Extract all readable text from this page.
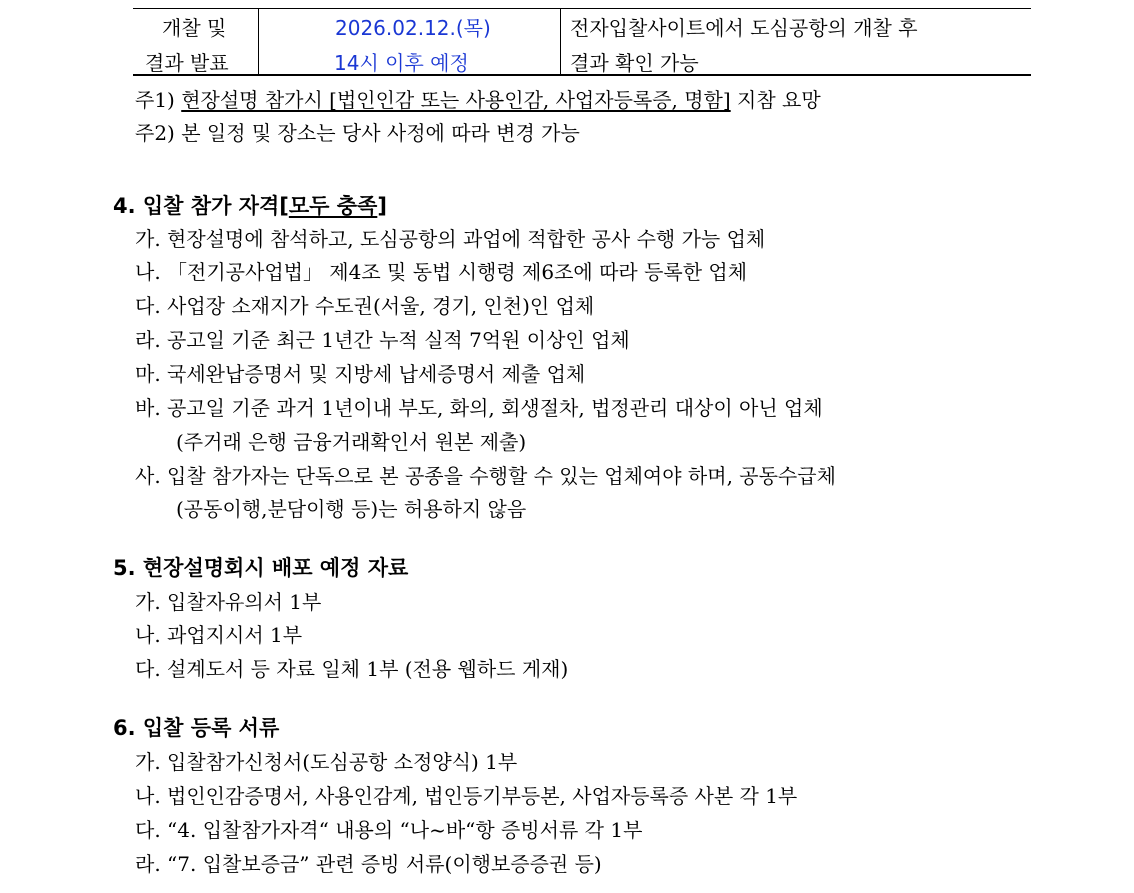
개찰 및
결과 발표
2026.02.12.(목)
14시 이후 예정
전자입찰사이트에서 도심공항의 개찰 후
결과 확인 가능
주1) 현장설명 참가시 [법인인감 또는 사용인감, 사업자등록증, 명함] 지참 요망
주2) 본 일정 및 장소는 당사 사정에 따라 변경 가능
4. 입찰 참가 자격[모두 충족]
가. 현장설명에 참석하고, 도심공항의 과업에 적합한 공사 수행 가능 업체
나. 「전기공사업법」 제4조 및 동법 시행령 제6조에 따라 등록한 업체
다. 사업장 소재지가 수도권(서울, 경기, 인천)인 업체
라. 공고일 기준 최근 1년간 누적 실적 7억원 이상인 업체
마. 국세완납증명서 및 지방세 납세증명서 제출 업체
바. 공고일 기준 과거 1년이내 부도, 화의, 회생절차, 법정관리 대상이 아닌 업체
(주거래 은행 금융거래확인서 원본 제출)
사. 입찰 참가자는 단독으로 본 공종을 수행할 수 있는 업체여야 하며, 공동수급체
(공동이행,분담이행 등)는 허용하지 않음
5. 현장설명회시 배포 예정 자료
가. 입찰자유의서 1부
나. 과업지시서 1부
다. 설계도서 등 자료 일체 1부 (전용 웹하드 게재)
6. 입찰 등록 서류
가. 입찰참가신청서(도심공항 소정양식) 1부
나. 법인인감증명서, 사용인감계, 법인등기부등본, 사업자등록증 사본 각 1부
다. “4. 입찰참가자격“ 내용의 “나~바“항 증빙서류 각 1부
라. “7. 입찰보증금” 관련 증빙 서류(이행보증증권 등)
